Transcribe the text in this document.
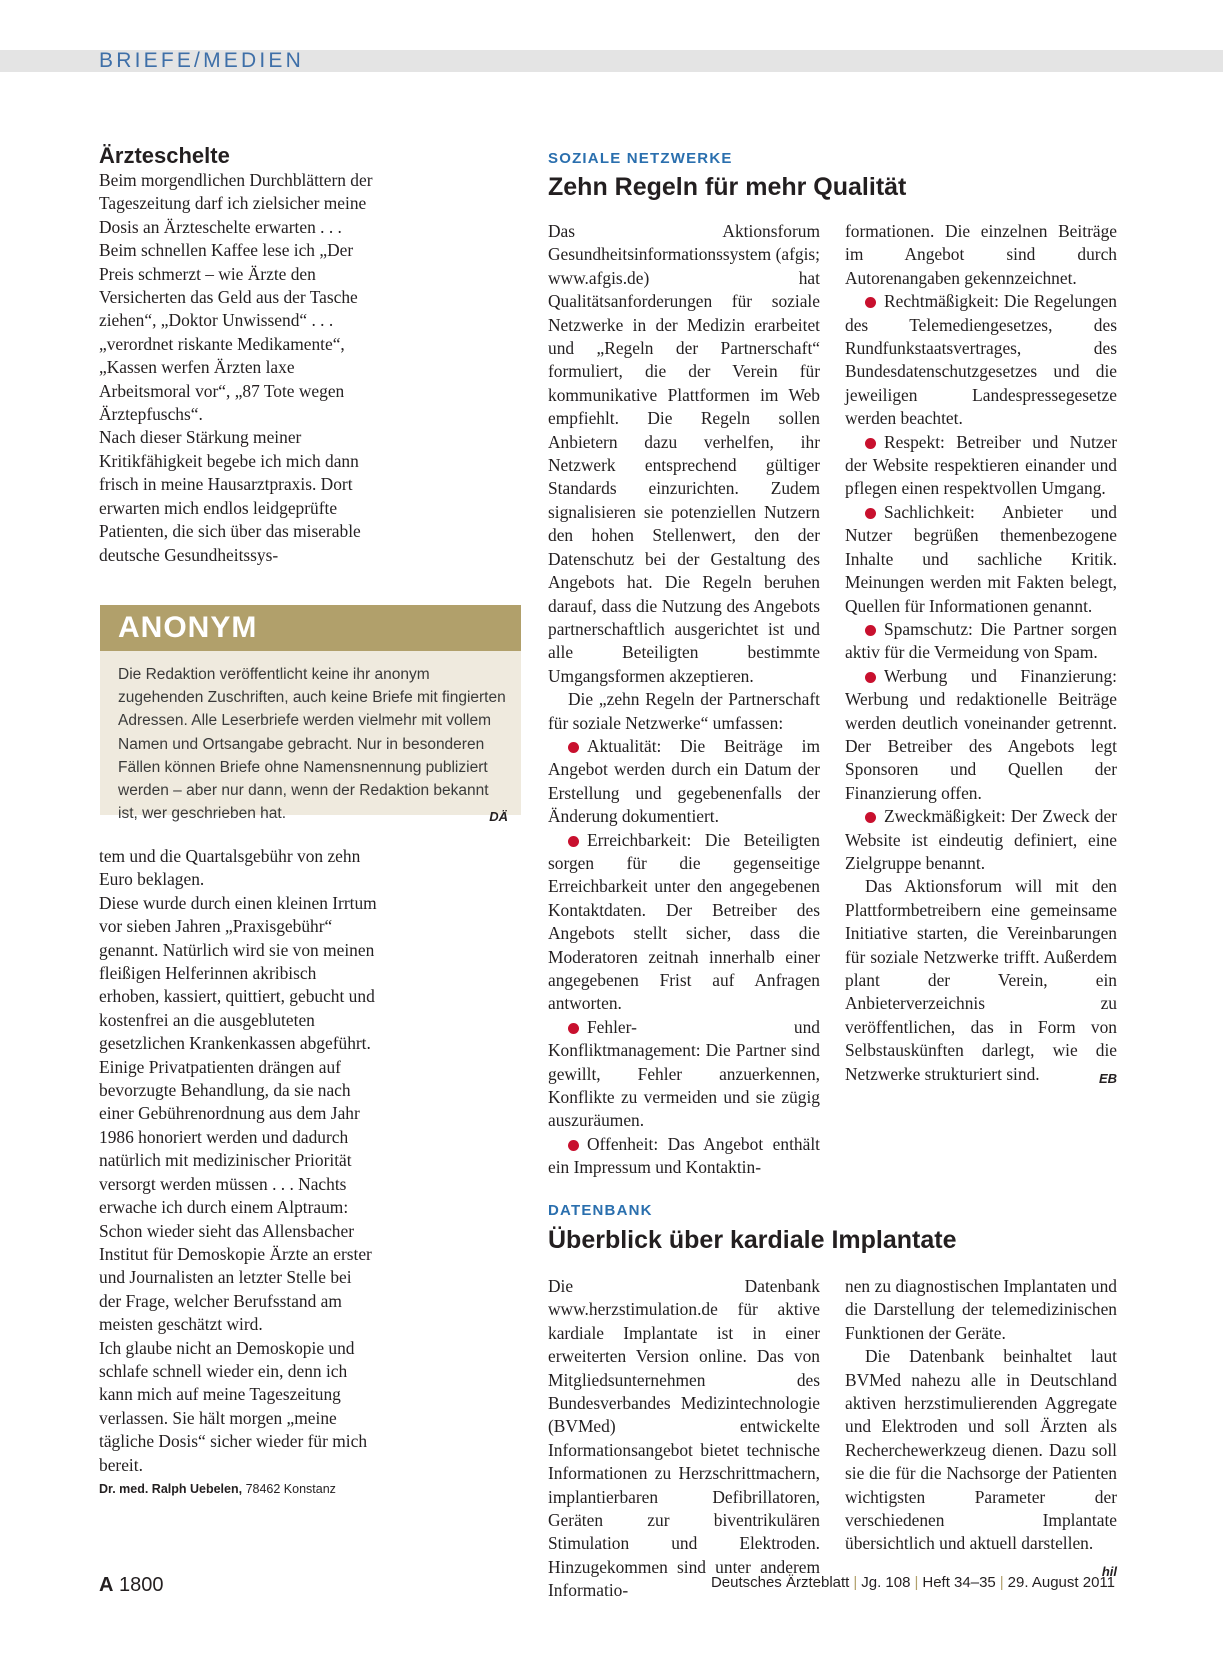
BRIEFE/MEDIEN
Ärzteschelte

Beim morgendlichen Durchblättern der Tageszeitung darf ich zielsicher meine Dosis an Ärzteschelte erwarten . . . Beim schnellen Kaffee lese ich „Der Preis schmerzt – wie Ärzte den Versicherten das Geld aus der Tasche ziehen“, „Doktor Unwissend“ . . . „verordnet riskante Medikamente“, „Kassen werfen Ärzten laxe Arbeitsmoral vor“, „87 Tote wegen Ärztepfuschs“.

Nach dieser Stärkung meiner Kritikfähigkeit begebe ich mich dann frisch in meine Hausarztpraxis. Dort erwarten mich endlos leidgeprüfte Patienten, die sich über das miserable deutsche Gesundheitssys-

ANONYM
Die Redaktion veröffentlicht keine ihr anonym zugehenden Zuschriften, auch keine Briefe mit fingierten Adressen. Alle Leserbriefe werden vielmehr mit vollem Namen und Ortsangabe gebracht. Nur in besonderen Fällen können Briefe ohne Namensnennung publiziert werden – aber nur dann, wenn der Redaktion bekannt ist, wer geschrieben hat.	DÄ

tem und die Quartalsgebühr von zehn Euro beklagen.

Diese wurde durch einen kleinen Irrtum vor sieben Jahren „Praxisgebühr“ genannt. Natürlich wird sie von meinen fleißigen Helferinnen akribisch erhoben, kassiert, quittiert, gebucht und kostenfrei an die ausgebluteten gesetzlichen Krankenkassen abgeführt.

Einige Privatpatienten drängen auf bevorzugte Behandlung, da sie nach einer Gebührenordnung aus dem Jahr 1986 honoriert werden und dadurch natürlich mit medizinischer Priorität versorgt werden müssen . . . Nachts erwache ich durch einem Alptraum: Schon wieder sieht das Allensbacher Institut für Demoskopie Ärzte an erster und Journalisten an letzter Stelle bei der Frage, welcher Berufsstand am meisten geschätzt wird.

Ich glaube nicht an Demoskopie und schlafe schnell wieder ein, denn ich kann mich auf meine Tageszeitung verlassen. Sie hält morgen „meine tägliche Dosis“ sicher wieder für mich bereit.

Dr. med. Ralph Uebelen, 78462 Konstanz
SOZIALE NETZWERKE
Zehn Regeln für mehr Qualität

Das Aktionsforum Gesundheitsinformationssystem (afgis; www.afgis.de) hat Qualitätsanforderungen für soziale Netzwerke in der Medizin erarbeitet und „Regeln der Partnerschaft“ formuliert, die der Verein für kommunikative Plattformen im Web empfiehlt. Die Regeln sollen Anbietern dazu verhelfen, ihr Netzwerk entsprechend gültiger Standards einzurichten. Zudem signalisieren sie potenziellen Nutzern den hohen Stellenwert, den der Datenschutz bei der Gestaltung des Angebots hat. Die Regeln beruhen darauf, dass die Nutzung des Angebots partnerschaftlich ausgerichtet ist und alle Beteiligten bestimmte Umgangsformen akzeptieren.

Die „zehn Regeln der Partnerschaft für soziale Netzwerke“ umfassen:

Aktualität: Die Beiträge im Angebot werden durch ein Datum der Erstellung und gegebenenfalls der Änderung dokumentiert.

Erreichbarkeit: Die Beteiligten sorgen für die gegenseitige Erreichbarkeit unter den angegebenen Kontaktdaten. Der Betreiber des Angebots stellt sicher, dass die Moderatoren zeitnah innerhalb einer angegebenen Frist auf Anfragen antworten.

Fehler- und Konfliktmanagement: Die Partner sind gewillt, Fehler anzuerkennen, Konflikte zu vermeiden und sie zügig auszuräumen.

Offenheit: Das Angebot enthält ein Impressum und Kontaktin-

formationen. Die einzelnen Beiträge im Angebot sind durch Autorenangaben gekennzeichnet.

Rechtmäßigkeit: Die Regelungen des Telemediengesetzes, des Rundfunkstaatsvertrages, des Bundesdatenschutzgesetzes und die jeweiligen Landespressegesetze werden beachtet.

Respekt: Betreiber und Nutzer der Website respektieren einander und pflegen einen respektvollen Umgang.

Sachlichkeit: Anbieter und Nutzer begrüßen themenbezogene Inhalte und sachliche Kritik. Meinungen werden mit Fakten belegt, Quellen für Informationen genannt.

Spamschutz: Die Partner sorgen aktiv für die Vermeidung von Spam.

Werbung und Finanzierung: Werbung und redaktionelle Beiträge werden deutlich voneinander getrennt. Der Betreiber des Angebots legt Sponsoren und Quellen der Finanzierung offen.

Zweckmäßigkeit: Der Zweck der Website ist eindeutig definiert, eine Zielgruppe benannt.

Das Aktionsforum will mit den Plattformbetreibern eine gemeinsame Initiative starten, die Vereinbarungen für soziale Netzwerke trifft. Außerdem plant der Verein, ein Anbieterverzeichnis zu veröffentlichen, das in Form von Selbstauskünften darlegt, wie die Netzwerke strukturiert sind.	EB

DATENBANK
Überblick über kardiale Implantate

Die Datenbank www.herzstimulation.de für aktive kardiale Implantate ist in einer erweiterten Version online. Das von Mitgliedsunternehmen des Bundesverbandes Medizintechnologie (BVMed) entwickelte Informationsangebot bietet technische Informationen zu Herzschrittmachern, implantierbaren Defibrillatoren, Geräten zur biventrikulären Stimulation und Elektroden. Hinzugekommen sind unter anderem Informatio-

nen zu diagnostischen Implantaten und die Darstellung der telemedizinischen Funktionen der Geräte.

Die Datenbank beinhaltet laut BVMed nahezu alle in Deutschland aktiven herzstimulierenden Aggregate und Elektroden und soll Ärzten als Recherchewerkzeug dienen. Dazu soll sie die für die Nachsorge der Patienten wichtigsten Parameter der verschiedenen Implantate übersichtlich und aktuell darstellen.
hil

A 1800	Deutsches Ärzteblatt | Jg. 108 | Heft 34–35 | 29. August 2011
